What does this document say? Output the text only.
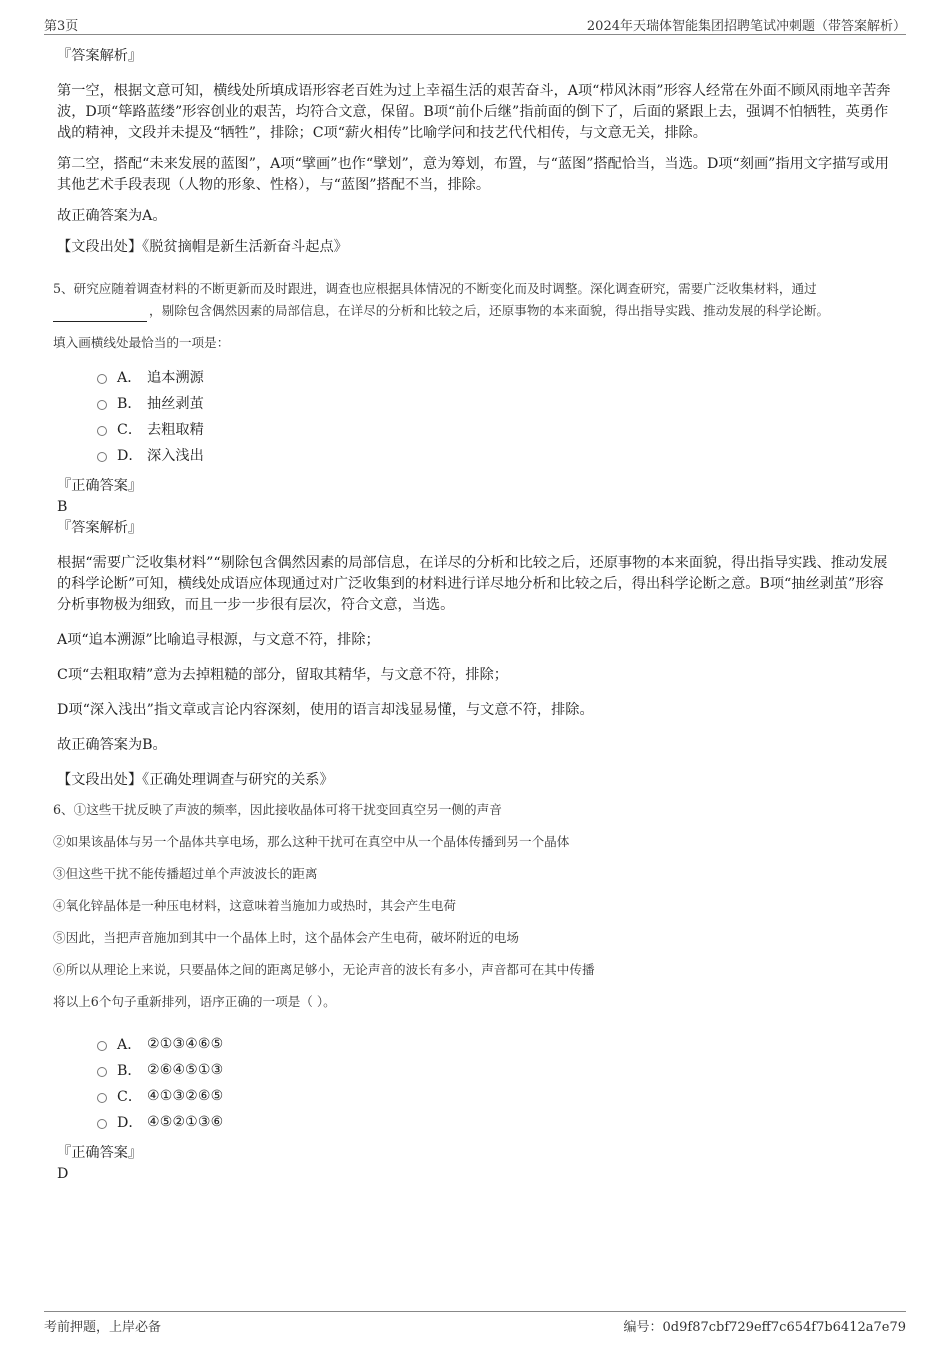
第3页	2024年天瑞体智能集团招聘笔试冲刺题（带答案解析）

『答案解析』

第一空，根据文意可知，横线处所填成语形容老百姓为过上幸福生活的艰苦奋斗，A项“栉风沐雨”形容人经常在外面不顾风雨地辛苦奔波，D项“筚路蓝缕”形容创业的艰苦，均符合文意，保留。B项“前仆后继”指前面的倒下了，后面的紧跟上去，强调不怕牺牲，英勇作战的精神，文段并未提及“牺牲”，排除；C项“薪火相传”比喻学问和技艺代代相传，与文意无关，排除。

第二空，搭配“未来发展的蓝图”，A项“擘画”也作“擘划”，意为筹划，布置，与“蓝图”搭配恰当，当选。D项“刻画”指用文字描写或用其他艺术手段表现（人物的形象、性格），与“蓝图”搭配不当，排除。

故正确答案为A。

【文段出处】《脱贫摘帽是新生活新奋斗起点》

5、研究应随着调查材料的不断更新而及时跟进，调查也应根据具体情况的不断变化而及时调整。深化调查研究，需要广泛收集材料，通过，剔除包含偶然因素的局部信息，在详尽的分析和比较之后，还原事物的本来面貌，得出指导实践、推动发展的科学论断。

填入画横线处最恰当的一项是：

A． 追本溯源
B． 抽丝剥茧
C． 去粗取精
D． 深入浅出

『正确答案』

B

『答案解析』

根据“需要广泛收集材料”“剔除包含偶然因素的局部信息，在详尽的分析和比较之后，还原事物的本来面貌，得出指导实践、推动发展的科学论断”可知，横线处成语应体现通过对广泛收集到的材料进行详尽地分析和比较之后，得出科学论断之意。B项“抽丝剥茧”形容分析事物极为细致，而且一步一步很有层次，符合文意，当选。

A项“追本溯源”比喻追寻根源，与文意不符，排除；

C项“去粗取精”意为去掉粗糙的部分，留取其精华，与文意不符，排除；

D项“深入浅出”指文章或言论内容深刻，使用的语言却浅显易懂，与文意不符，排除。

故正确答案为B。

【文段出处】《正确处理调查与研究的关系》

6、①这些干扰反映了声波的频率，因此接收晶体可将干扰变回真空另一侧的声音

②如果该晶体与另一个晶体共享电场，那么这种干扰可在真空中从一个晶体传播到另一个晶体

③但这些干扰不能传播超过单个声波波长的距离

④氧化锌晶体是一种压电材料，这意味着当施加力或热时，其会产生电荷

⑤因此，当把声音施加到其中一个晶体上时，这个晶体会产生电荷，破坏附近的电场

⑥所以从理论上来说，只要晶体之间的距离足够小，无论声音的波长有多小，声音都可在其中传播

将以上6个句子重新排列，语序正确的一项是（ ）。

A． ②①③④⑥⑤
B． ②⑥④⑤①③
C． ④①③②⑥⑤
D． ④⑤②①③⑥

『正确答案』

D

考前押题，上岸必备	编号：0d9f87cbf729eff7c654f7b6412a7e79
